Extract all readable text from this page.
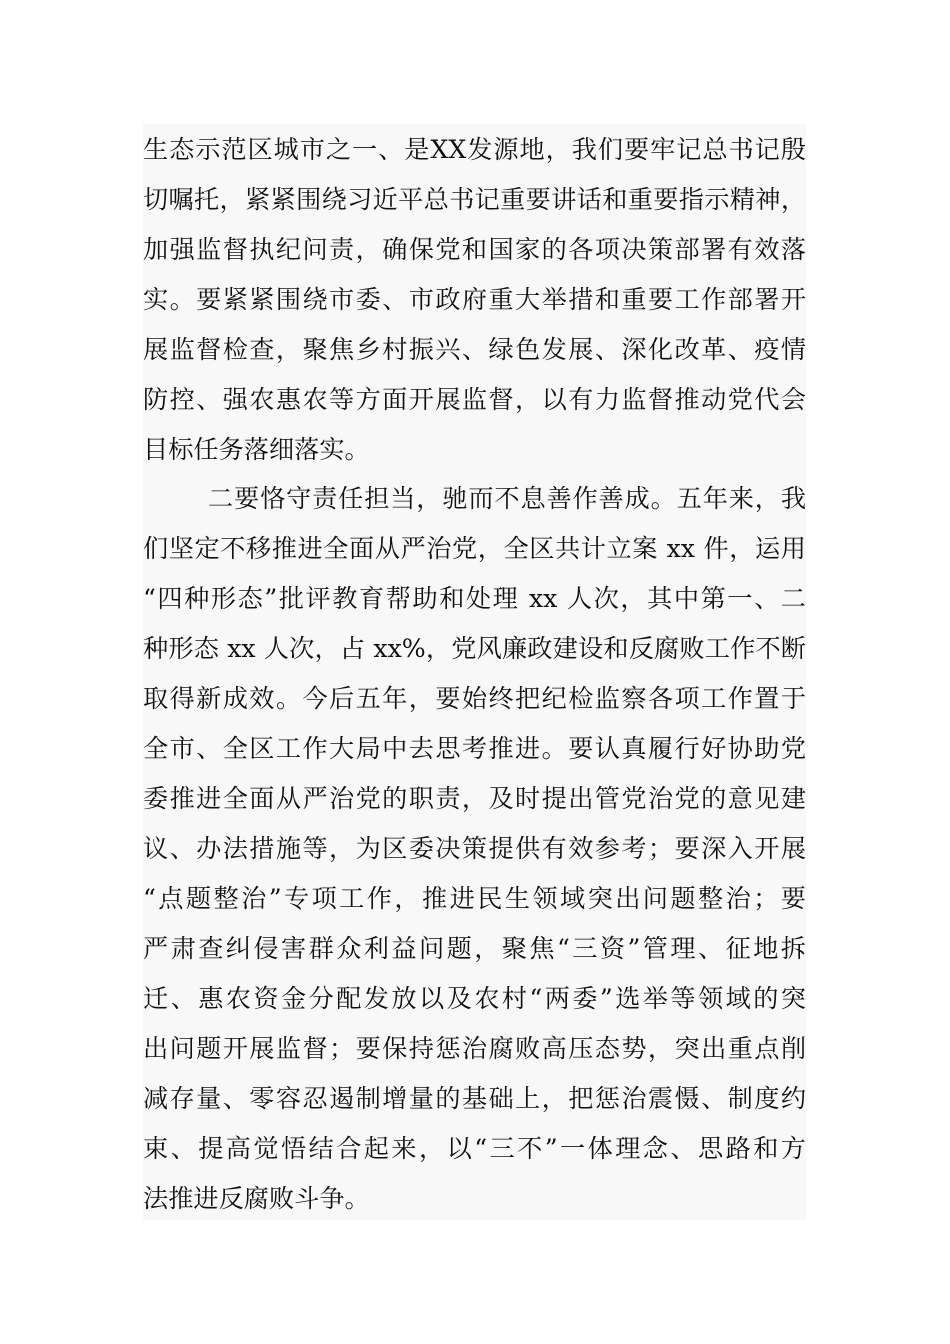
生态示范区城市之一、是XX发源地，我们要牢记总书记殷
切嘱托，紧紧围绕习近平总书记重要讲话和重要指示精神，
加强监督执纪问责，确保党和国家的各项决策部署有效落
实。要紧紧围绕市委、市政府重大举措和重要工作部署开
展监督检查，聚焦乡村振兴、绿色发展、深化改革、疫情
防控、强农惠农等方面开展监督，以有力监督推动党代会
目标任务落细落实。
二要恪守责任担当，驰而不息善作善成。五年来，我
们坚定不移推进全面从严治党，全区共计立案 xx 件，运用
“四种形态”批评教育帮助和处理 xx 人次，其中第一、二
种形态 xx 人次，占 xx%，党风廉政建设和反腐败工作不断
取得新成效。今后五年，要始终把纪检监察各项工作置于
全市、全区工作大局中去思考推进。要认真履行好协助党
委推进全面从严治党的职责，及时提出管党治党的意见建
议、办法措施等，为区委决策提供有效参考；要深入开展
“点题整治”专项工作，推进民生领域突出问题整治；要
严肃查纠侵害群众利益问题，聚焦“三资”管理、征地拆
迁、惠农资金分配发放以及农村“两委”选举等领域的突
出问题开展监督；要保持惩治腐败高压态势，突出重点削
减存量、零容忍遏制增量的基础上，把惩治震慑、制度约
束、提高觉悟结合起来，以“三不”一体理念、思路和方
法推进反腐败斗争。
